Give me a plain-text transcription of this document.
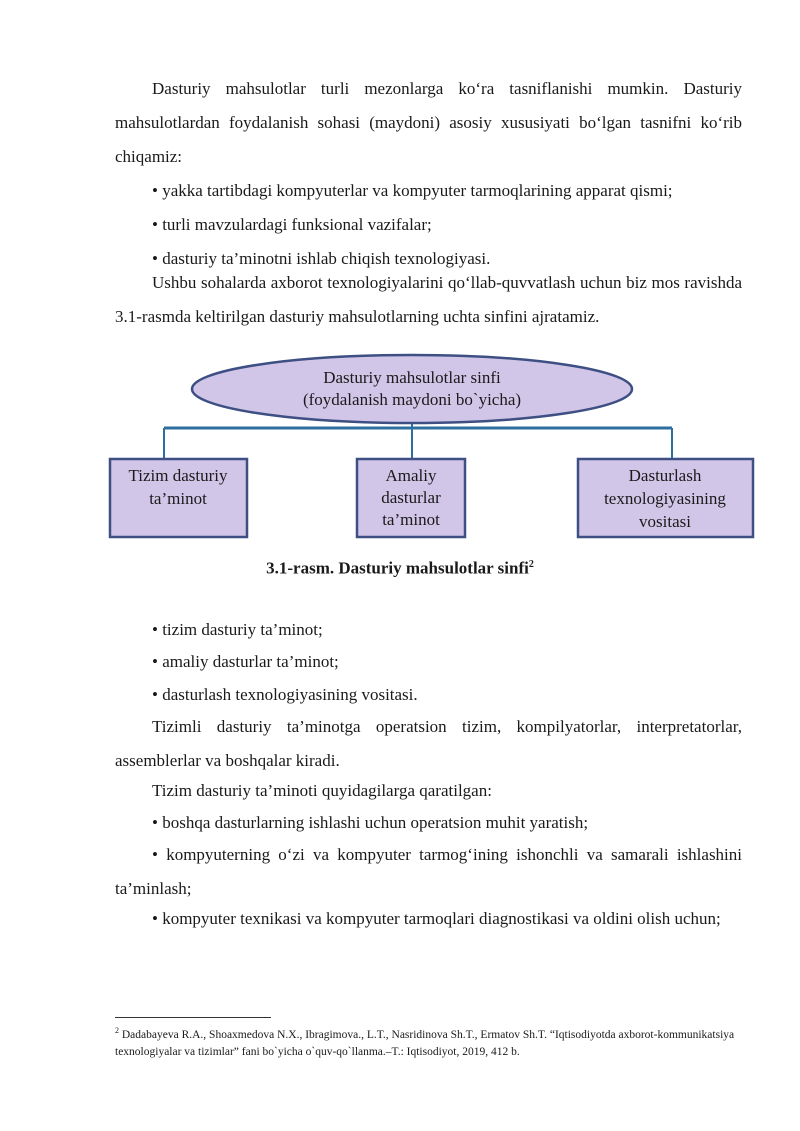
Dasturiy mahsulotlar turli mezonlarga ko‘ra tasniflanishi mumkin. Dasturiy mahsulotlardan foydalanish sohasi (maydoni) asosiy xususiyati bo‘lgan tasnifni ko‘rib chiqamiz:

• yakka tartibdagi kompyuterlar va kompyuter tarmoqlarining apparat qismi;

• turli mavzulardagi funksional vazifalar;

• dasturiy ta’minotni ishlab chiqish texnologiyasi.

Ushbu sohalarda axborot texnologiyalarini qo‘llab-quvvatlash uchun biz mos ravishda 3.1-rasmda keltirilgan dasturiy mahsulotlarning uchta sinfini ajratamiz.

Dasturiy mahsulotlar sinfi
(foydalanish maydoni bo`yicha)
Tizim dasturiy
ta’minot
Amaliy
dasturlar
ta’minot
Dasturlash
texnologiyasining
vositasi
3.1-rasm. Dasturiy mahsulotlar sinfi$^2$

• tizim dasturiy ta’minot;

• amaliy dasturlar ta’minot;

• dasturlash texnologiyasining vositasi.

Tizimli dasturiy ta’minotga operatsion tizim, kompilyatorlar, interpretatorlar, assemblerlar va boshqalar kiradi.

Tizim dasturiy ta’minoti quyidagilarga qaratilgan:

• boshqa dasturlarning ishlashi uchun operatsion muhit yaratish;

• kompyuterning o‘zi va kompyuter tarmog‘ining ishonchli va samarali ishlashini ta’minlash;

• kompyuter texnikasi va kompyuter tarmoqlari diagnostikasi va oldini olish uchun;

$^2$ Dadabayeva R.A., Shoaxmedova N.X., Ibragimova., L.T., Nasridinova Sh.T., Ermatov Sh.T. “Iqtisodiyotda axborot-kommunikatsiya texnologiyalar va tizimlar” fani bo`yicha o`quv-qo`llanma.–T.: Iqtisodiyot, 2019, 412 b.
